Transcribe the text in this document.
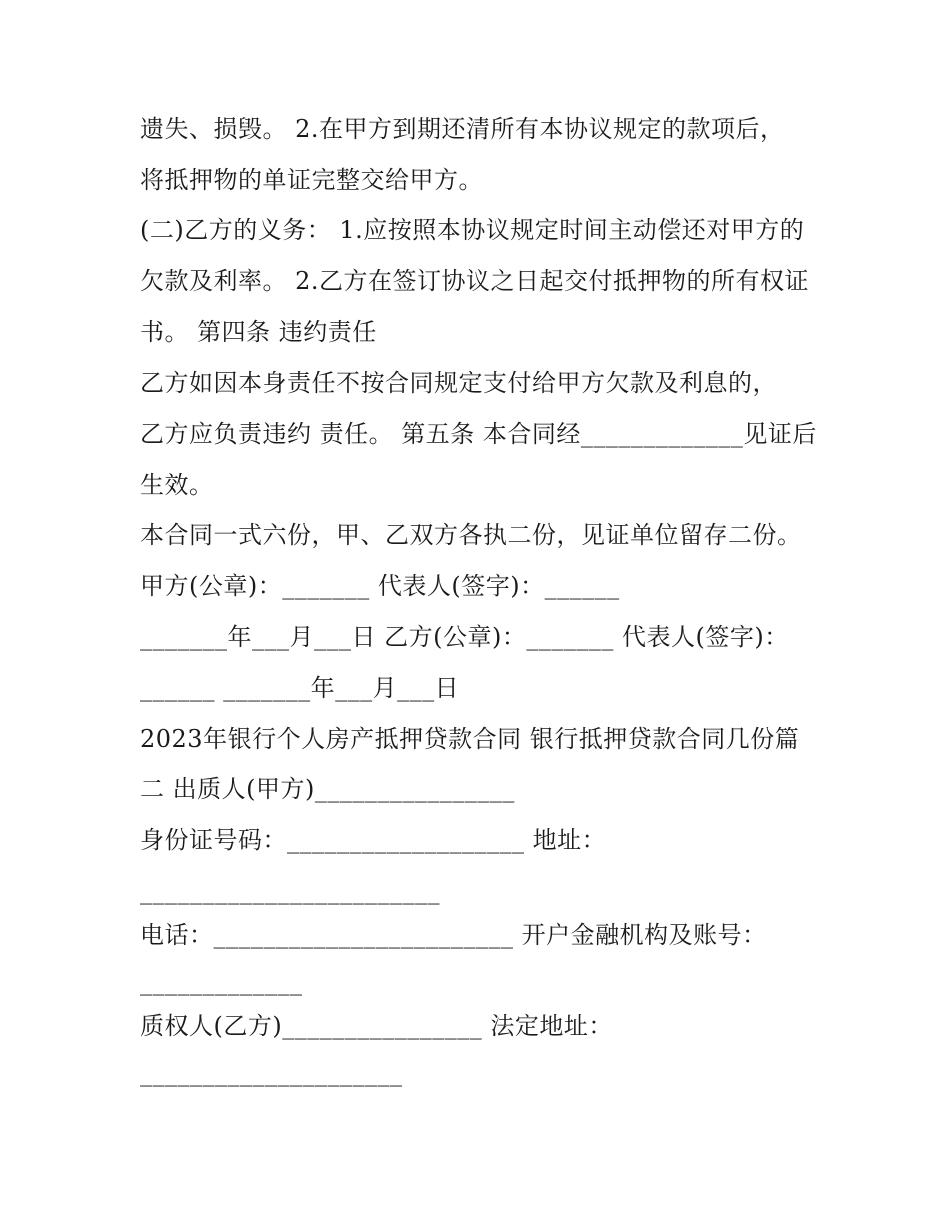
遗失、损毁。 2.在甲方到期还清所有本协议规定的款项后，
将抵押物的单证完整交给甲方。
(二)乙方的义务： 1.应按照本协议规定时间主动偿还对甲方的
欠款及利率。 2.乙方在签订协议之日起交付抵押物的所有权证
书。 第四条 违约责任
乙方如因本身责任不按合同规定支付给甲方欠款及利息的，
乙方应负责违约 责任。 第五条 本合同经_____________见证后
生效。
本合同一式六份，甲、乙双方各执二份，见证单位留存二份。
甲方(公章)：_______ 代表人(签字)：______
_______年___月___日 乙方(公章)：_______ 代表人(签字)：
______ _______年___月___日
2023年银行个人房产抵押贷款合同 银行抵押贷款合同几份篇
二 出质人(甲方)________________
身份证号码：___________________ 地址：
________________________
电话：________________________ 开户金融机构及账号：
_____________
质权人(乙方)________________ 法定地址：
_____________________
